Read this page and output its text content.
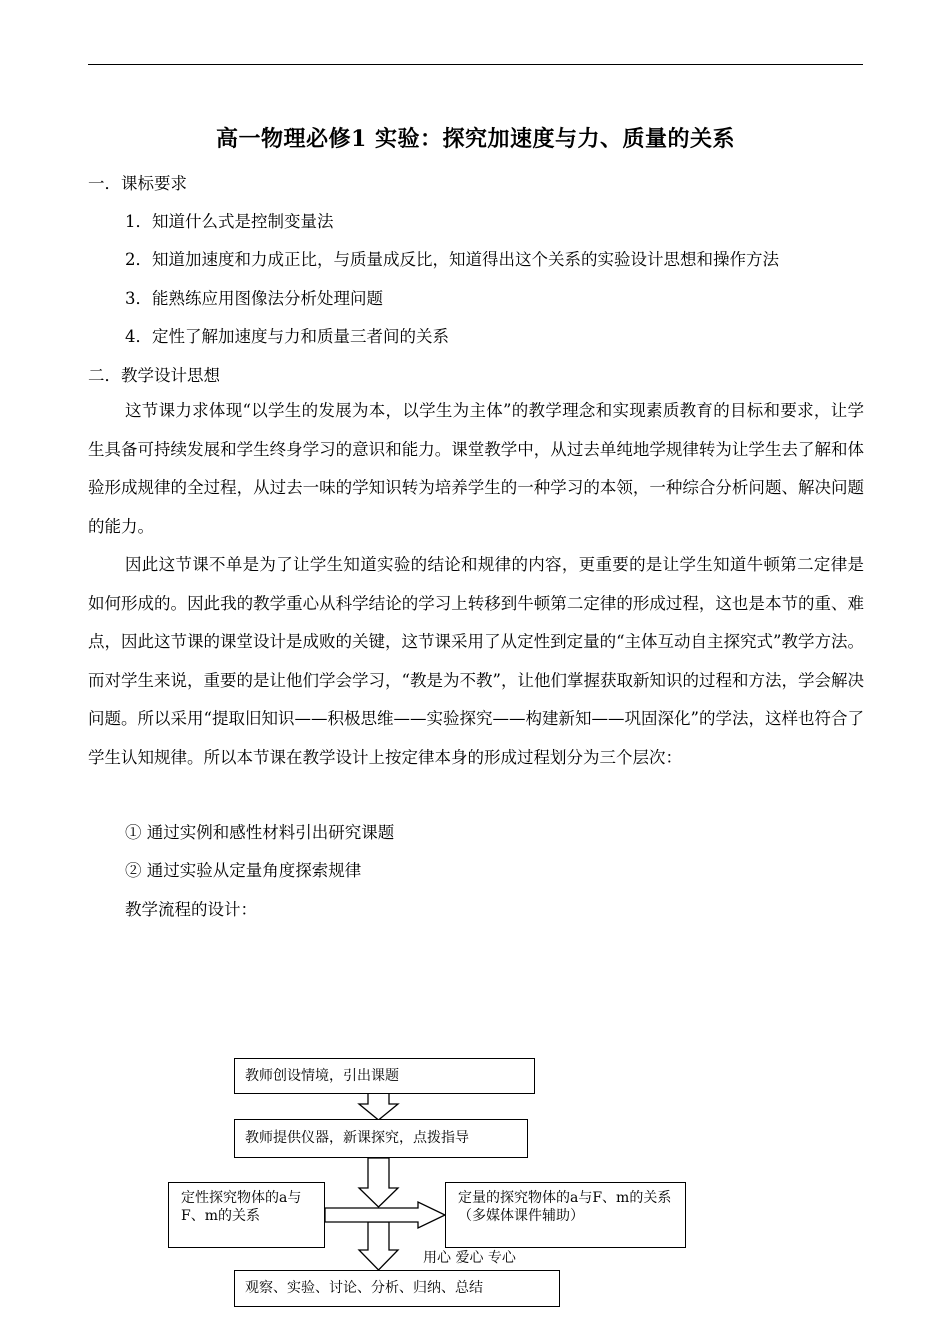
高一物理必修1 实验：探究加速度与力、质量的关系
一．课标要求
1．知道什么式是控制变量法
2．知道加速度和力成正比，与质量成反比，知道得出这个关系的实验设计思想和操作方法
3．能熟练应用图像法分析处理问题
4．定性了解加速度与力和质量三者间的关系
二．教学设计思想
这节课力求体现“以学生的发展为本，以学生为主体”的教学理念和实现素质教育的目标和要求，让学生具备可持续发展和学生终身学习的意识和能力。课堂教学中，从过去单纯地学规律转为让学生去了解和体验形成规律的全过程，从过去一味的学知识转为培养学生的一种学习的本领，一种综合分析问题、解决问题的能力。
因此这节课不单是为了让学生知道实验的结论和规律的内容，更重要的是让学生知道牛顿第二定律是如何形成的。因此我的教学重心从科学结论的学习上转移到牛顿第二定律的形成过程，这也是本节的重、难点，因此这节课的课堂设计是成败的关键，这节课采用了从定性到定量的“主体互动自主探究式”教学方法。而对学生来说，重要的是让他们学会学习，“教是为不教”，让他们掌握获取新知识的过程和方法，学会解决问题。所以采用“提取旧知识——积极思维——实验探究——构建新知——巩固深化”的学法，这样也符合了学生认知规律。所以本节课在教学设计上按定律本身的形成过程划分为三个层次：
① 通过实例和感性材料引出研究课题
② 通过实验从定量角度探索规律
教学流程的设计：
教师创设情境，引出课题
教师提供仪器，新课探究，点拨指导
定性探究物体的a与F、m的关系
定量的探究物体的a与F、m的关系（多媒体课件辅助）
观察、实验、讨论、分析、归纳、总结
用心 爱心 专心
